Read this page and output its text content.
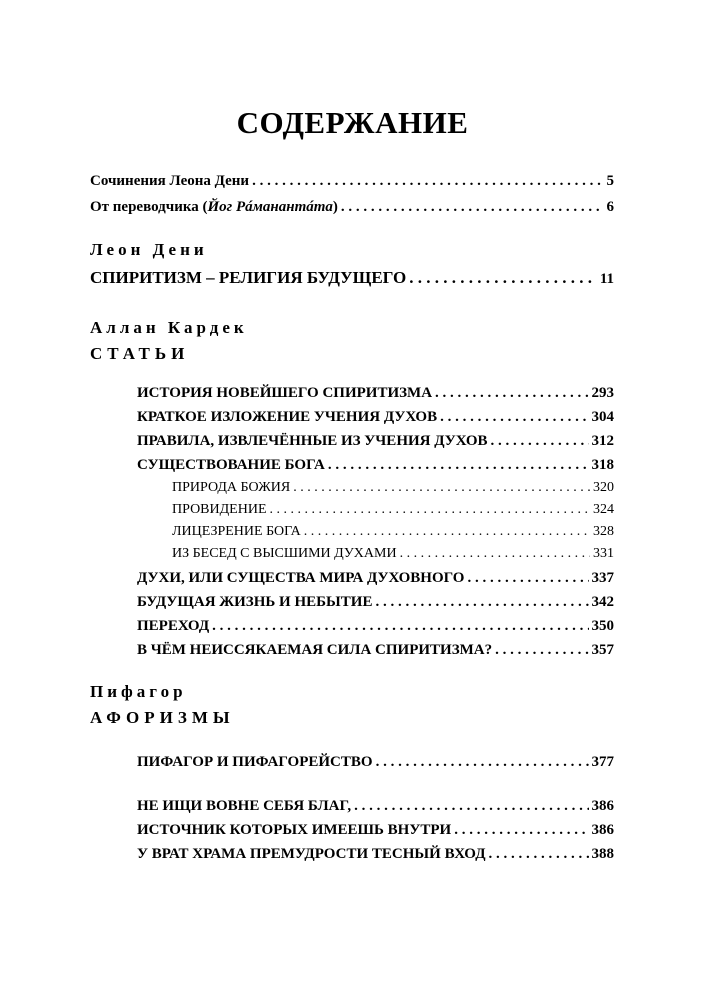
СОДЕРЖАНИЕ
Сочинения Леона Дени . . .	5
От переводчика (Йог Рáманантáта) . . .	6
Леон Дени
СПИРИТИЗМ – РЕЛИГИЯ БУДУЩЕГО . . .	11
Аллан Кардек
СТАТЬИ
ИСТОРИЯ НОВЕЙШЕГО СПИРИТИЗМА . . .	293
КРАТКОЕ ИЗЛОЖЕНИЕ УЧЕНИЯ ДУХОВ . . .	304
ПРАВИЛА, ИЗВЛЕЧЁННЫЕ ИЗ УЧЕНИЯ ДУХОВ . . .	312
СУЩЕСТВОВАНИЕ БОГА . . .	318
ПРИРОДА БОЖИЯ . . .	320
ПРОВИДЕНИЕ . . .	324
ЛИЦЕЗРЕНИЕ БОГА . . .	328
ИЗ БЕСЕД С ВЫСШИМИ ДУХАМИ . . .	331
ДУХИ, ИЛИ СУЩЕСТВА МИРА ДУХОВНОГО . . .	337
БУДУЩАЯ ЖИЗНЬ И НЕБЫТИЕ . . .	342
ПЕРЕХОД . . .	350
В ЧЁМ НЕИССЯКАЕМАЯ СИЛА СПИРИТИЗМА? . . .	357
Пифагор
АФОРИЗМЫ
ПИФАГОР И ПИФАГОРЕЙСТВО . . .	377
НЕ ИЩИ ВОВНЕ СЕБЯ БЛАГ, . . .	386
ИСТОЧНИК КОТОРЫХ ИМЕЕШЬ ВНУТРИ . . .	386
У ВРАТ ХРАМА ПРЕМУДРОСТИ ТЕСНЫЙ ВХОД . . .	388
